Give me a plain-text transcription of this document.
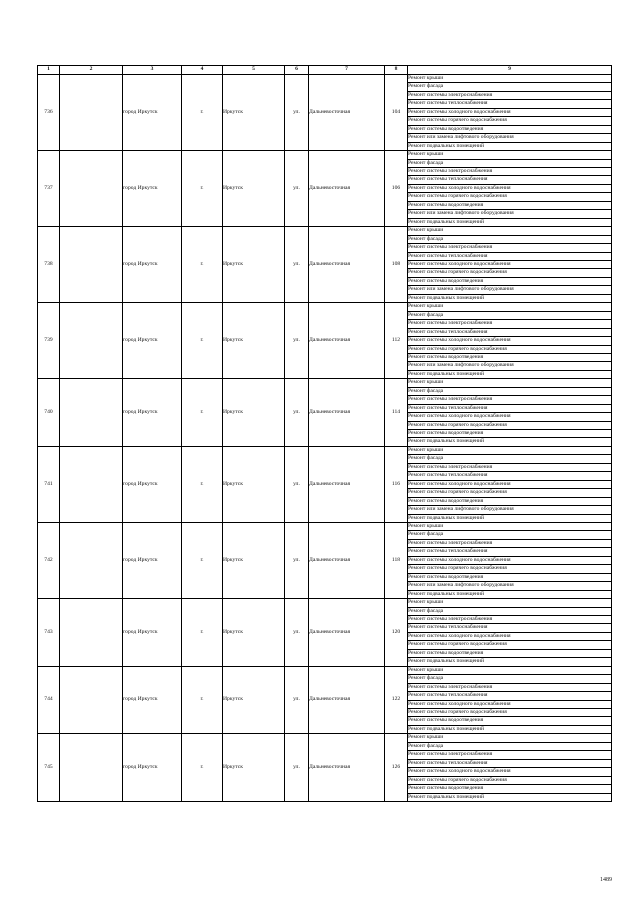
1	2	3	4	5	6	7	8	9
736		город Иркутск	г.	Иркутск	ул.	Дальневосточная	104	Ремонт крыши
								Ремонт фасада
								Ремонт системы электроснабжения
								Ремонт системы теплоснабжения
								Ремонт системы холодного водоснабжения
								Ремонт системы горячего водоснабжения
								Ремонт системы водоотведения
								Ремонт или замена лифтового оборудования
								Ремонт подвальных помещений
737		город Иркутск	г.	Иркутск	ул.	Дальневосточная	106	Ремонт крыши
								Ремонт фасада
								Ремонт системы электроснабжения
								Ремонт системы теплоснабжения
								Ремонт системы холодного водоснабжения
								Ремонт системы горячего водоснабжения
								Ремонт системы водоотведения
								Ремонт или замена лифтового оборудования
								Ремонт подвальных помещений
738		город Иркутск	г.	Иркутск	ул.	Дальневосточная	108	Ремонт крыши
								Ремонт фасада
								Ремонт системы электроснабжения
								Ремонт системы теплоснабжения
								Ремонт системы холодного водоснабжения
								Ремонт системы горячего водоснабжения
								Ремонт системы водоотведения
								Ремонт или замена лифтового оборудования
								Ремонт подвальных помещений
739		город Иркутск	г.	Иркутск	ул.	Дальневосточная	112	Ремонт крыши
								Ремонт фасада
								Ремонт системы электроснабжения
								Ремонт системы теплоснабжения
								Ремонт системы холодного водоснабжения
								Ремонт системы горячего водоснабжения
								Ремонт системы водоотведения
								Ремонт или замена лифтового оборудования
								Ремонт подвальных помещений
740		город Иркутск	г.	Иркутск	ул.	Дальневосточная	114	Ремонт крыши
								Ремонт фасада
								Ремонт системы электроснабжения
								Ремонт системы теплоснабжения
								Ремонт системы холодного водоснабжения
								Ремонт системы горячего водоснабжения
								Ремонт системы водоотведения
								Ремонт подвальных помещений
741		город Иркутск	г.	Иркутск	ул.	Дальневосточная	116	Ремонт крыши
								Ремонт фасада
								Ремонт системы электроснабжения
								Ремонт системы теплоснабжения
								Ремонт системы холодного водоснабжения
								Ремонт системы горячего водоснабжения
								Ремонт системы водоотведения
								Ремонт или замена лифтового оборудования
								Ремонт подвальных помещений
742		город Иркутск	г.	Иркутск	ул.	Дальневосточная	118	Ремонт крыши
								Ремонт фасада
								Ремонт системы электроснабжения
								Ремонт системы теплоснабжения
								Ремонт системы холодного водоснабжения
								Ремонт системы горячего водоснабжения
								Ремонт системы водоотведения
								Ремонт или замена лифтового оборудования
								Ремонт подвальных помещений
743		город Иркутск	г.	Иркутск	ул.	Дальневосточная	120	Ремонт крыши
								Ремонт фасада
								Ремонт системы электроснабжения
								Ремонт системы теплоснабжения
								Ремонт системы холодного водоснабжения
								Ремонт системы горячего водоснабжения
								Ремонт системы водоотведения
								Ремонт подвальных помещений
744		город Иркутск	г.	Иркутск	ул.	Дальневосточная	122	Ремонт крыши
								Ремонт фасада
								Ремонт системы электроснабжения
								Ремонт системы теплоснабжения
								Ремонт системы холодного водоснабжения
								Ремонт системы горячего водоснабжения
								Ремонт системы водоотведения
								Ремонт подвальных помещений
745		город Иркутск	г.	Иркутск	ул.	Дальневосточная	126	Ремонт крыши
								Ремонт фасада
								Ремонт системы электроснабжения
								Ремонт системы теплоснабжения
								Ремонт системы холодного водоснабжения
								Ремонт системы горячего водоснабжения
								Ремонт системы водоотведения
								Ремонт подвальных помещений
1489
